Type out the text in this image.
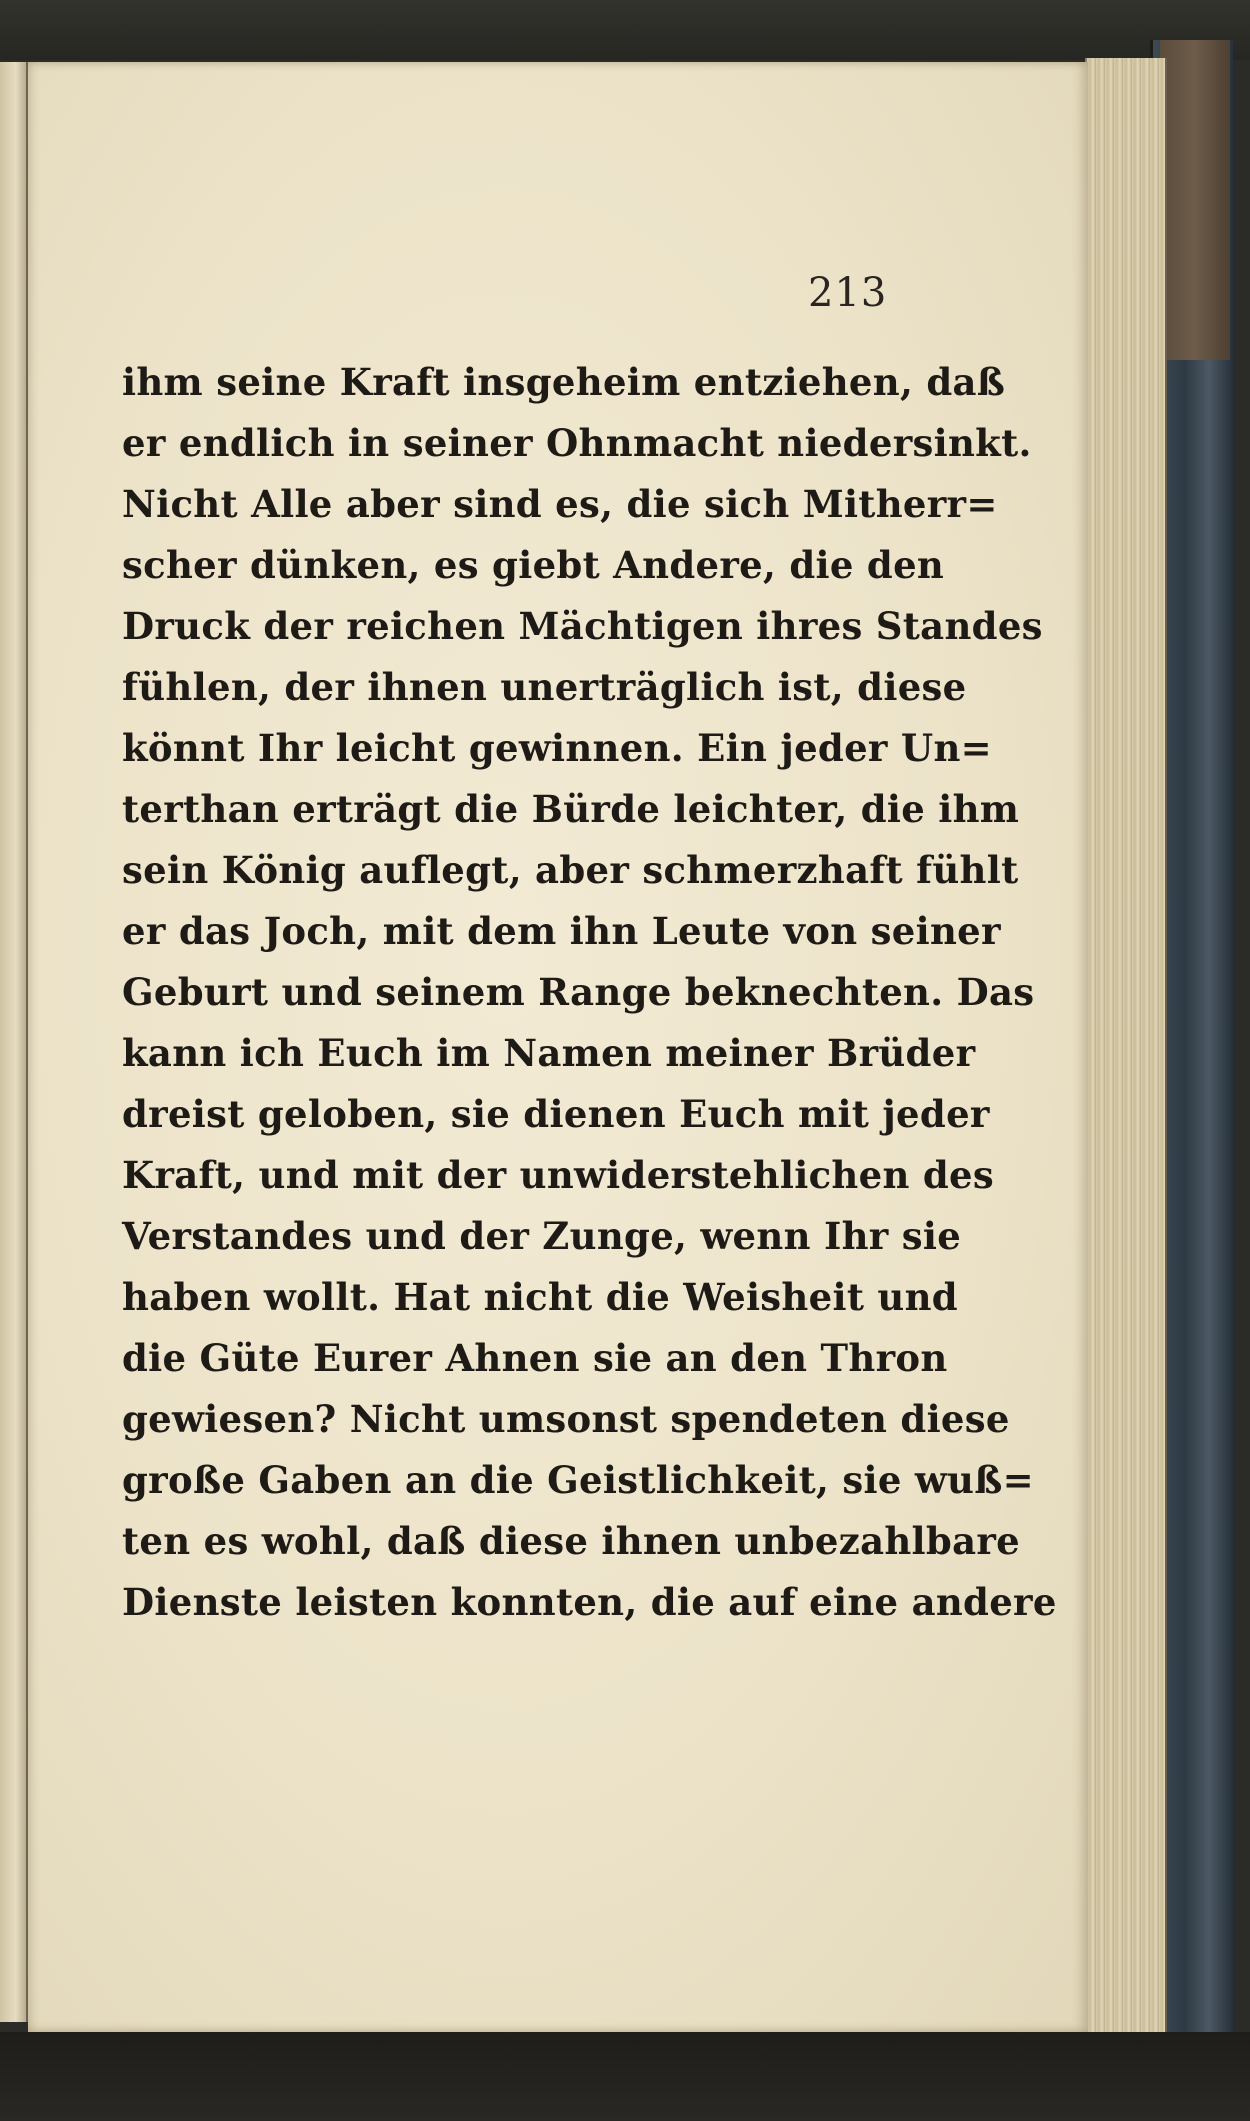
213
ihm seine Kraft insgeheim entziehen, daß
er endlich in seiner Ohnmacht niedersinkt.
Nicht Alle aber sind es, die sich Mitherr=
scher dünken, es giebt Andere, die den
Druck der reichen Mächtigen ihres Standes
fühlen, der ihnen unerträglich ist, diese
könnt Ihr leicht gewinnen. Ein jeder Un=
terthan erträgt die Bürde leichter, die ihm
sein König auflegt, aber schmerzhaft fühlt
er das Joch, mit dem ihn Leute von seiner
Geburt und seinem Range beknechten. Das
kann ich Euch im Namen meiner Brüder
dreist geloben, sie dienen Euch mit jeder
Kraft, und mit der unwiderstehlichen des
Verstandes und der Zunge, wenn Ihr sie
haben wollt. Hat nicht die Weisheit und
die Güte Eurer Ahnen sie an den Thron
gewiesen? Nicht umsonst spendeten diese
große Gaben an die Geistlichkeit, sie wuß=
ten es wohl, daß diese ihnen unbezahlbare
Dienste leisten konnten, die auf eine andere
